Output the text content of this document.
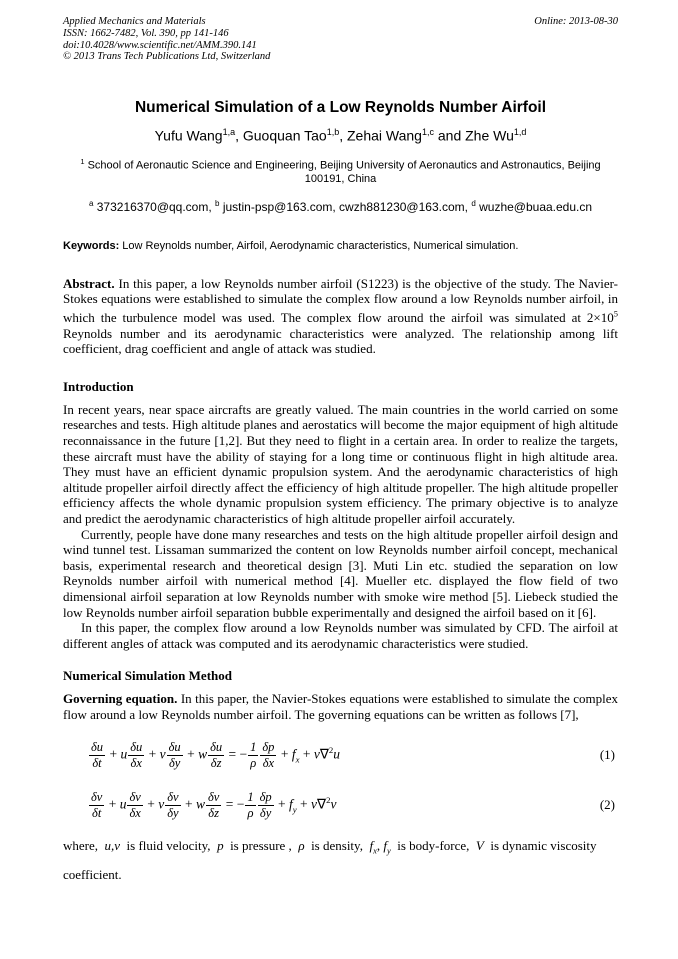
Applied Mechanics and Materials
ISSN: 1662-7482, Vol. 390, pp 141-146
doi:10.4028/www.scientific.net/AMM.390.141
© 2013 Trans Tech Publications Ltd, Switzerland
Online: 2013-08-30
Numerical Simulation of a Low Reynolds Number Airfoil
Yufu Wang$^{1,a}$, Guoquan Tao$^{1,b}$, Zehai Wang$^{1,c}$ and Zhe Wu$^{1,d}$
$^1$ School of Aeronautic Science and Engineering, Beijing University of Aeronautics and Astronautics, Beijing 100191, China
$^a$ 373216370@qq.com, $^b$ justin-psp@163.com, cwzh881230@163.com, $^d$ wuzhe@buaa.edu.cn

Keywords: Low Reynolds number, Airfoil, Aerodynamic characteristics, Numerical simulation.

Abstract. In this paper, a low Reynolds number airfoil (S1223) is the objective of the study. The Navier-Stokes equations were established to simulate the complex flow around a low Reynolds number airfoil, in which the turbulence model was used. The complex flow around the airfoil was simulated at $2\times 10^5$ Reynolds number and its aerodynamic characteristics were analyzed. The relationship among lift coefficient, drag coefficient and angle of attack was studied.

Introduction

In recent years, near space aircrafts are greatly valued. The main countries in the world carried on some researches and tests. High altitude planes and aerostatics will become the major equipment of high altitude reconnaissance in the future [1,2]. But they need to flight in a certain area. In order to realize the targets, these aircraft must have the ability of staying for a long time or continuous flight in high altitude area. They must have an efficient dynamic propulsion system. And the aerodynamic characteristics of high altitude propeller airfoil directly affect the efficiency of high altitude propeller. The high altitude propeller efficiency affects the whole dynamic propulsion system efficiency. The primary objective is to analyze and predict the aerodynamic characteristics of high altitude propeller airfoil accurately.

Currently, people have done many researches and tests on the high altitude propeller airfoil design and wind tunnel test. Lissaman summarized the content on low Reynolds number airfoil concept, mechanical basis, experimental research and theoretical design [3]. Muti Lin etc. studied the separation on low Reynolds number airfoil with numerical method [4]. Mueller etc. displayed the flow field of two dimensional airfoil separation at low Reynolds number with smoke wire method [5]. Liebeck studied the low Reynolds number airfoil separation bubble experimentally and designed the airfoil based on it [6].

In this paper, the complex flow around a low Reynolds number was simulated by CFD. The airfoil at different angles of attack was computed and its aerodynamic characteristics were studied.

Numerical Simulation Method

Governing equation. In this paper, the Navier-Stokes equations were established to simulate the complex flow around a low Reynolds number airfoil. The governing equations can be written as follows [7],

$\frac{\delta u}{\delta t} + u \frac{\delta u}{\delta x} + v \frac{\delta u}{\delta y} + w \frac{\delta u}{\delta z}$ = − $\frac{1}{\rho} \frac{\delta p}{\delta x} + f_x + \nu\nabla^2u$	(1)
$\frac{\delta v}{\delta t} + u \frac{\delta v}{\delta x} + v \frac{\delta v}{\delta y} + w \frac{\delta v}{\delta z}$ = − $\frac{1}{\rho} \frac{\delta p}{\delta y} + f_y + \nu\nabla^2v$	(2)

where,  u,v  is fluid velocity,  p  is pressure ,  ρ  is density,  $f_x$, $f_y$  is body-force,  V  is dynamic viscosity coefficient.
